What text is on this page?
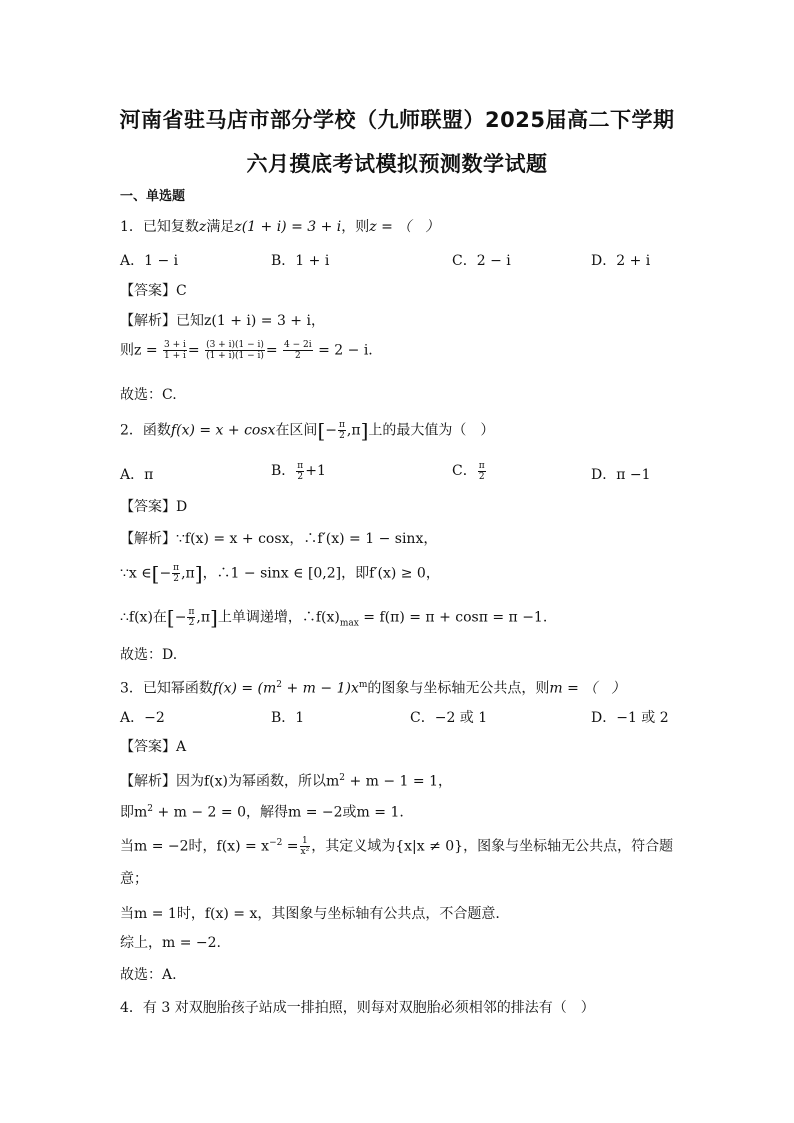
河南省驻马店市部分学校（九师联盟）2025届高二下学期
六月摸底考试模拟预测数学试题
一、单选题
1．已知复数z满足z(1 + i) = 3 + i，则z = （　）
A．1 − i	B．1 + i	C．2 − i	D．2 + i
【答案】C
【解析】已知z(1 + i) = 3 + i，
则$z = \frac{3 + i}{1 + i} = \frac{(3 + i)(1 - i)}{(1 + i)(1 - i)} = \frac{4 - 2i}{2} = 2 - i$.
故选：C.
2．函数f(x) = x + cosx在区间[− $\frac{\pi}{2} ,\pi$]上的最大值为（　）
A．π	B． $\frac{\pi}{2} +1$	C． $\frac{\pi}{2}$	D．π −1
【答案】D
【解析】∵f(x) = x + cosx，∴f′(x) = 1 − sinx，
∵x ∈[− $\frac{\pi}{2} ,\pi$]，∴1 − sinx ∈ [0,2]，即f′(x) ≥ 0，
∴f(x)在[− $\frac{\pi}{2} ,\pi$]上单调递增，$\therefore f(x)_{max} = f(\pi) = \pi + \cos\pi = \pi -1$.
故选：D.
3．已知幂函数$f(x) = (m^2 + m - 1)x^m$的图象与坐标轴无公共点，则m = （　）
A．−2	B．1	C．−2 或 1	D．−1 或 2
【答案】A
【解析】因为f(x)为幂函数，所以$m^2 + m - 1 = 1$，
即$m^2 + m - 2 = 0$，解得m = −2或m = 1.
当m = −2时，$f(x) = x^{-2} = \frac{1}{\text{x²}}$ ，其定义域为{x|x ≠ 0}，图象与坐标轴无公共点，符合题
意；
当m = 1时，f(x) = x，其图象与坐标轴有公共点，不合题意.
综上，m = −2.
故选：A.
4．有 3 对双胞胎孩子站成一排拍照，则每对双胞胎必须相邻的排法有（　）
